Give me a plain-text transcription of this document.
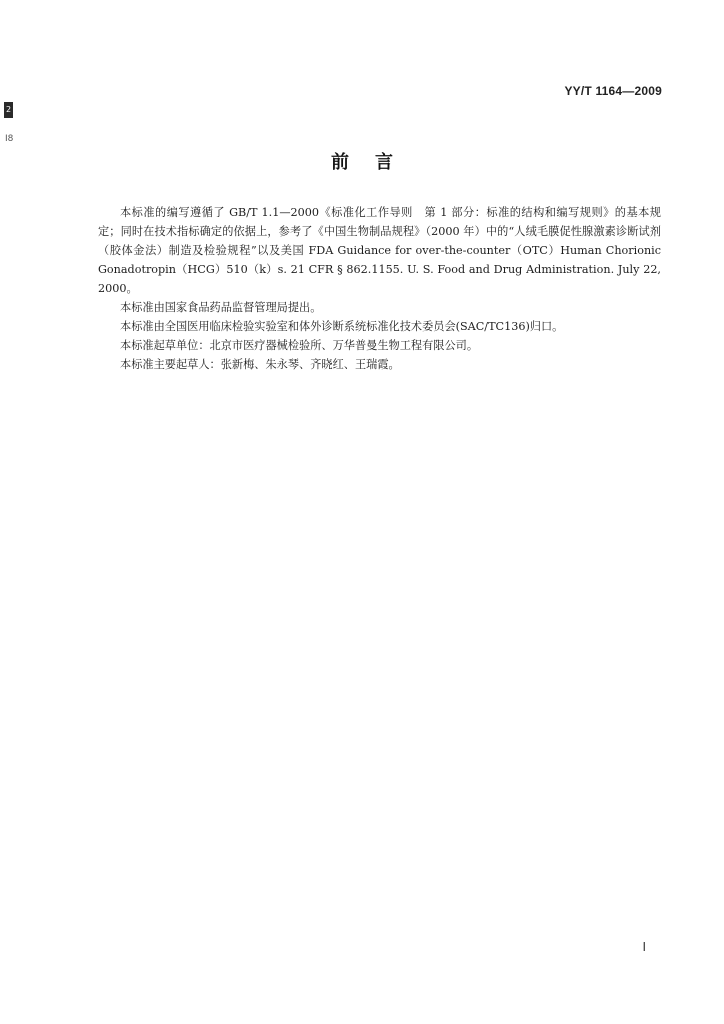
YY/T 1164—2009
2
Ⅰ8
前言

本标准的编写遵循了 GB/T 1.1—2000《标准化工作导则　第 1 部分：标准的结构和编写规则》的基本规定；同时在技术指标确定的依据上，参考了《中国生物制品规程》（2000 年）中的“人绒毛膜促性腺激素诊断试剂（胶体金法）制造及检验规程”以及美国 FDA Guidance for over-the-counter（OTC）Human Chorionic Gonadotropin（HCG）510（k）s. 21 CFR § 862.1155. U. S. Food and Drug Administration. July 22, 2000。

本标准由国家食品药品监督管理局提出。

本标准由全国医用临床检验实验室和体外诊断系统标准化技术委员会(SAC/TC136)归口。

本标准起草单位：北京市医疗器械检验所、万华普曼生物工程有限公司。

本标准主要起草人：张新梅、朱永琴、齐晓红、王瑞霞。

Ⅰ
